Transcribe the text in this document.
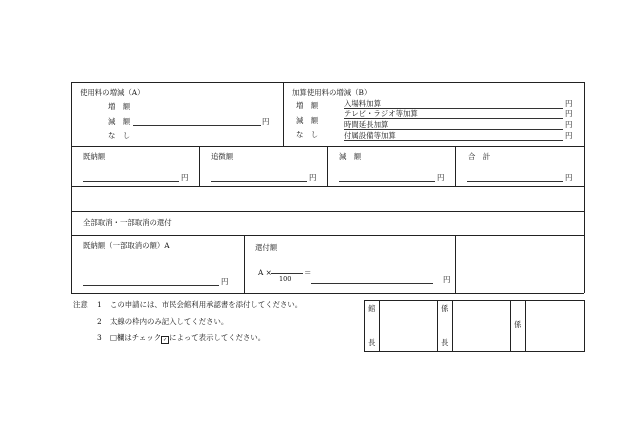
使用料の増減（A）
増　額
減　額	円
な　し
加算使用料の増減（B）
増　額
減　額
な　し
入場料加算	円
テレビ・ラジオ等加算	円
時間延長加算	円
付属設備等加算	円
既納額
円
追徴額
円
減　額
円
合　計
円
全部取消・一部取消の還付
既納額（一部取消の額）A
円
還付額
A ×
100
＝
円
注意 1 この申請には、市民会館利用承認書を添付してください。
2 太線の枠内のみ記入してください。
3 □欄はチェック ✓ によって表示してください。
館
長
係
長
係
